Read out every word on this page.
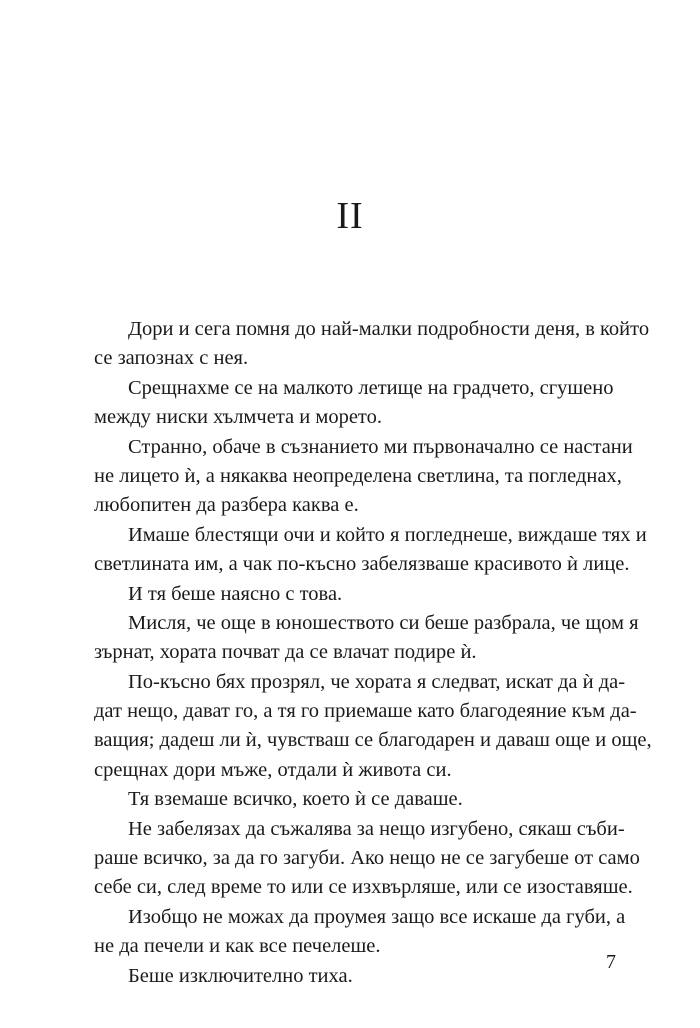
II
Дори и сега помня до най-малки подробности деня, в който
се запознах с нея.
Срещнахме се на малкото летище на градчето, сгушено
между ниски хълмчета и морето.
Странно, обаче в съзнанието ми първоначално се настани
не лицето ѝ, а някаква неопределена светлина, та погледнах,
любопитен да разбера каква е.
Имаше блестящи очи и който я погледнеше, виждаше тях и
светлината им, а чак по-късно забелязваше красивото ѝ лице.
И тя беше наясно с това.
Мисля, че още в юношеството си беше разбрала, че щом я
зърнат, хората почват да се влачат подире ѝ.
По-късно бях прозрял, че хората я следват, искат да ѝ да-
дат нещо, дават го, а тя го приемаше като благодеяние към да-
ващия; дадеш ли ѝ, чувстваш се благодарен и даваш още и още,
срещнах дори мъже, отдали ѝ живота си.
Тя вземаше всичко, което ѝ се даваше.
Не забелязах да съжалява за нещо изгубено, сякаш съби-
раше всичко, за да го загуби. Ако нещо не се загубеше от само
себе си, след време то или се изхвърляше, или се изоставяше.
Изобщо не можах да проумея защо все искаше да губи, а
не да печели и как все печелеше.
Беше изключително тиха.
7
